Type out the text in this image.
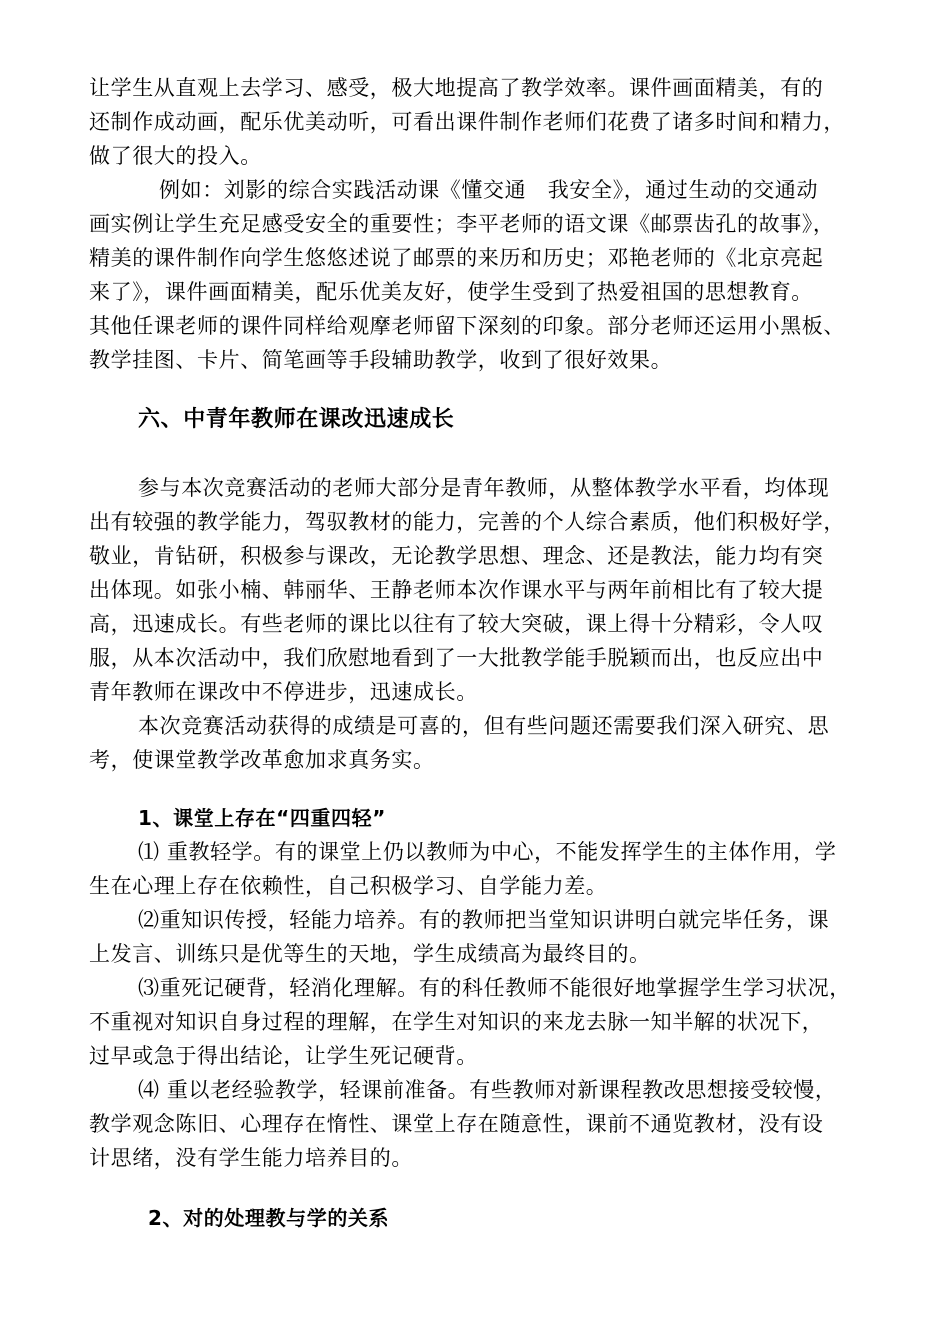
让学生从直观上去学习、感受，极大地提高了教学效率。课件画面精美，有的
还制作成动画，配乐优美动听，可看出课件制作老师们花费了诸多时间和精力，
做了很大的投入。
例如：刘影的综合实践活动课《懂交通　我安全》，通过生动的交通动
画实例让学生充足感受安全的重要性；李平老师的语文课《邮票齿孔的故事》，
精美的课件制作向学生悠悠述说了邮票的来历和历史；邓艳老师的《北京亮起
来了》，课件画面精美，配乐优美友好，使学生受到了热爱祖国的思想教育。
其他任课老师的课件同样给观摩老师留下深刻的印象。部分老师还运用小黑板、
教学挂图、卡片、简笔画等手段辅助教学，收到了很好效果。
六、中青年教师在课改迅速成长
参与本次竞赛活动的老师大部分是青年教师，从整体教学水平看，均体现
出有较强的教学能力，驾驭教材的能力，完善的个人综合素质，他们积极好学，
敬业，肯钻研，积极参与课改，无论教学思想、理念、还是教法，能力均有突
出体现。如张小楠、韩丽华、王静老师本次作课水平与两年前相比有了较大提
高，迅速成长。有些老师的课比以往有了较大突破，课上得十分精彩，令人叹
服，从本次活动中，我们欣慰地看到了一大批教学能手脱颖而出，也反应出中
青年教师在课改中不停进步，迅速成长。
本次竞赛活动获得的成绩是可喜的，但有些问题还需要我们深入研究、思
考，使课堂教学改革愈加求真务实。
1、课堂上存在“四重四轻”
⑴ 重教轻学。有的课堂上仍以教师为中心，不能发挥学生的主体作用，学
生在心理上存在依赖性，自己积极学习、自学能力差。
⑵重知识传授，轻能力培养。有的教师把当堂知识讲明白就完毕任务，课
上发言、训练只是优等生的天地，学生成绩高为最终目的。
⑶重死记硬背，轻消化理解。有的科任教师不能很好地掌握学生学习状况，
不重视对知识自身过程的理解，在学生对知识的来龙去脉一知半解的状况下，
过早或急于得出结论，让学生死记硬背。
⑷ 重以老经验教学，轻课前准备。有些教师对新课程教改思想接受较慢，
教学观念陈旧、心理存在惰性、课堂上存在随意性，课前不通览教材，没有设
计思绪，没有学生能力培养目的。
2、对的处理教与学的关系
